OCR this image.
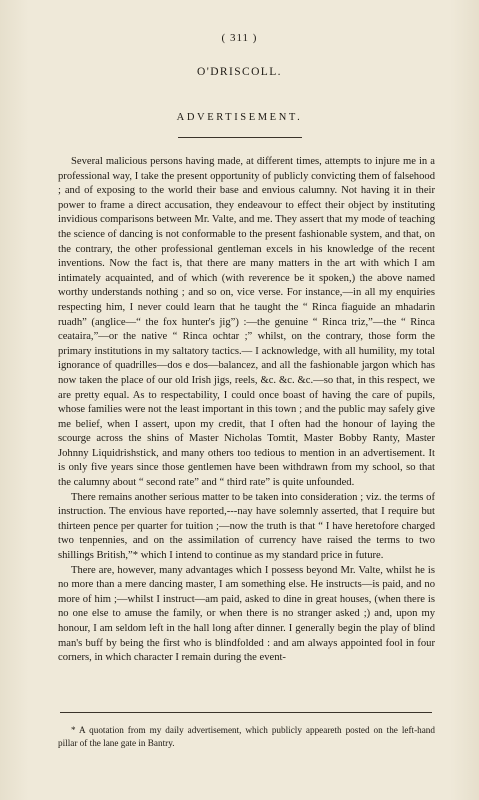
( 311 )
O'DRISCOLL.
ADVERTISEMENT.

Several malicious persons having made, at different times, attempts to injure me in a professional way, I take the present opportunity of publicly convicting them of falsehood ; and of exposing to the world their base and envious calumny. Not having it in their power to frame a direct accusation, they endeavour to effect their object by instituting invidious comparisons between Mr. Valte, and me. They assert that my mode of teaching the science of dancing is not conformable to the present fashionable system, and that, on the contrary, the other professional gentleman excels in his knowledge of the recent inventions. Now the fact is, that there are many matters in the art with which I am intimately acquainted, and of which (with reverence be it spoken,) the above named worthy understands nothing ; and so on, vice verse. For instance,—in all my enquiries respecting him, I never could learn that he taught the “ Rinca fiaguide an mhadarin ruadh” (anglice—“ the fox hunter's jig”) :—the genuine “ Rinca triz,”—the “ Rinca ceataira,”—or the native “ Rinca ochtar ;” whilst, on the contrary, those form the primary institutions in my saltatory tactics.— I acknowledge, with all humility, my total ignorance of quadrilles—dos e dos—balancez, and all the fashionable jargon which has now taken the place of our old Irish jigs, reels, &c. &c. &c.—so that, in this respect, we are pretty equal. As to respectability, I could once boast of having the care of pupils, whose families were not the least important in this town ; and the public may safely give me belief, when I assert, upon my credit, that I often had the honour of laying the scourge across the shins of Master Nicholas Tomtit, Master Bobby Ranty, Master Johnny Liquidrishstick, and many others too tedious to mention in an advertisement. It is only five years since those gentlemen have been withdrawn from my school, so that the calumny about “ second rate” and “ third rate” is quite unfounded.

There remains another serious matter to be taken into consideration ; viz. the terms of instruction. The envious have reported,---nay have solemnly asserted, that I require but thirteen pence per quarter for tuition ;—now the truth is that “ I have heretofore charged two tenpennies, and on the assimilation of currency have raised the terms to two shillings British,”* which I intend to continue as my standard price in future.

There are, however, many advantages which I possess beyond Mr. Valte, whilst he is no more than a mere dancing master, I am something else. He instructs—is paid, and no more of him ;—whilst I instruct—am paid, asked to dine in great houses, (when there is no one else to amuse the family, or when there is no stranger asked ;) and, upon my honour, I am seldom left in the hall long after dinner. I generally begin the play of blind man's buff by being the first who is blindfolded : and am always appointed fool in four corners, in which character I remain during the event-

* A quotation from my daily advertisement, which publicly appeareth posted on the left-hand pillar of the lane gate in Bantry.
